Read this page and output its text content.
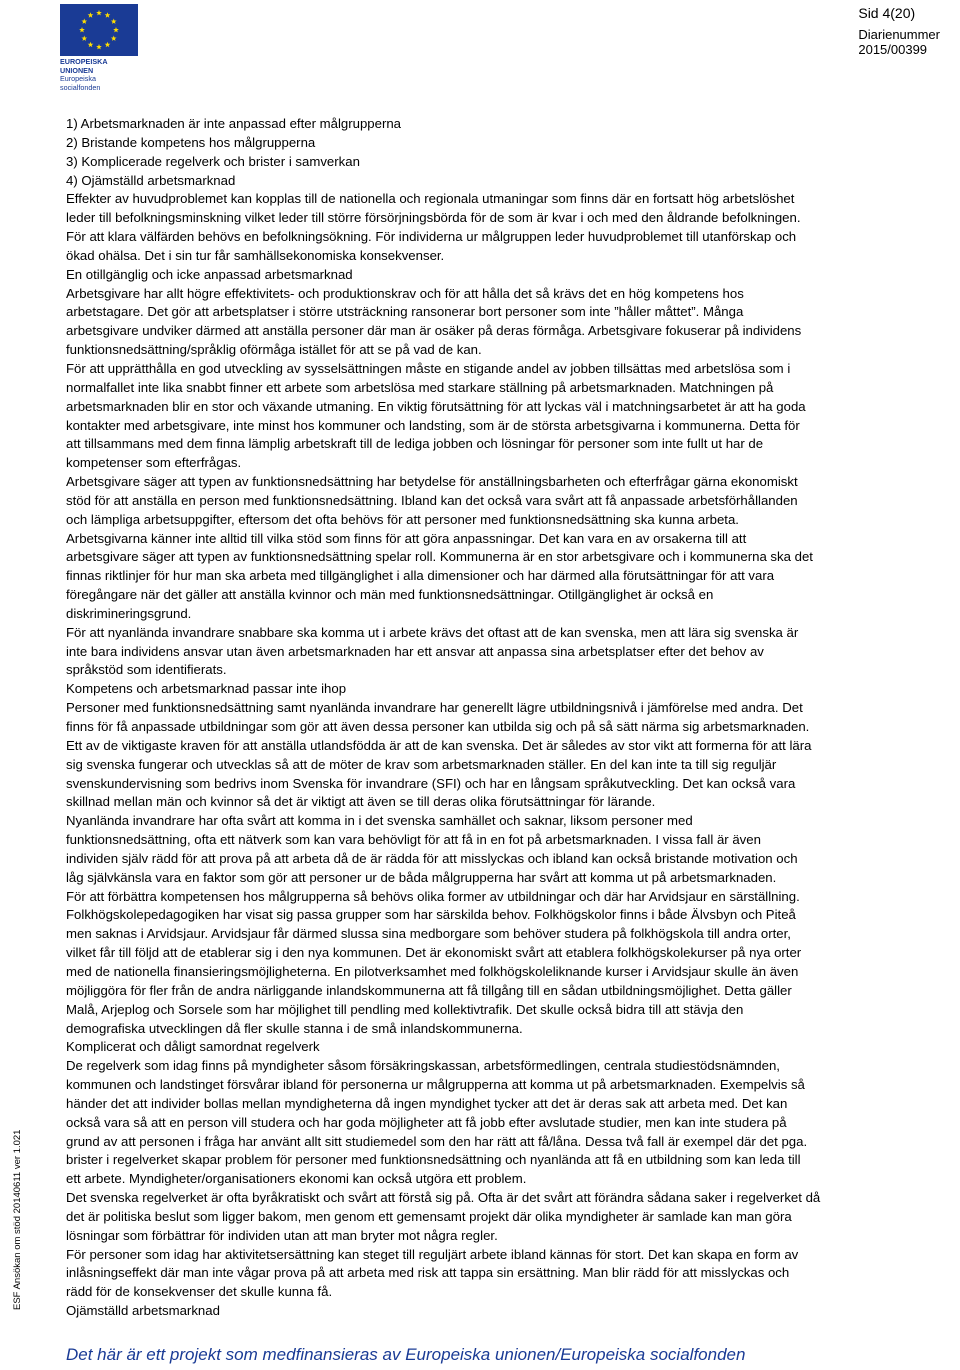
EUROPEISKA UNIONEN
Europeiska socialfonden
Sid 4(20)
Diarienummer
2015/00399
ESF Ansökan om stöd 20140611 ver 1.021

1) Arbetsmarknaden är inte anpassad efter målgrupperna

2) Bristande kompetens hos målgrupperna

3) Komplicerade regelverk och brister i samverkan

4) Ojämställd arbetsmarknad

Effekter av huvudproblemet kan kopplas till de nationella och regionala utmaningar som finns där en fortsatt hög arbetslöshet

leder till befolkningsminskning vilket leder till större försörjningsbörda för de som är kvar i och med den åldrande befolkningen.

För att klara välfärden behövs en befolkningsökning. För individerna ur målgruppen leder huvudproblemet till utanförskap och

ökad ohälsa. Det i sin tur får samhällsekonomiska konsekvenser.

En otillgänglig och icke anpassad arbetsmarknad

Arbetsgivare har allt högre effektivitets- och produktionskrav och för att hålla det så krävs det en hög kompetens hos

arbetstagare. Det gör att arbetsplatser i större utsträckning ransonerar bort personer som inte ”håller måttet”. Många

arbetsgivare undviker därmed att anställa personer där man är osäker på deras förmåga. Arbetsgivare fokuserar på individens

funktionsnedsättning/språklig oförmåga istället för att se på vad de kan.

För att upprätthålla en god utveckling av sysselsättningen måste en stigande andel av jobben tillsättas med arbetslösa som i

normalfallet inte lika snabbt finner ett arbete som arbetslösa med starkare ställning på arbetsmarknaden. Matchningen på

arbetsmarknaden blir en stor och växande utmaning. En viktig förutsättning för att lyckas väl i matchningsarbetet är att ha goda

kontakter med arbetsgivare, inte minst hos kommuner och landsting, som är de största arbetsgivarna i kommunerna. Detta för

att tillsammans med dem finna lämplig arbetskraft till de lediga jobben och lösningar för personer som inte fullt ut har de

kompetenser som efterfrågas.

Arbetsgivare säger att typen av funktionsnedsättning har betydelse för anställningsbarheten och efterfrågar gärna ekonomiskt

stöd för att anställa en person med funktionsnedsättning. Ibland kan det också vara svårt att få anpassade arbetsförhållanden

och lämpliga arbetsuppgifter, eftersom det ofta behövs för att personer med funktionsnedsättning ska kunna arbeta.

Arbetsgivarna känner inte alltid till vilka stöd som finns för att göra anpassningar. Det kan vara en av orsakerna till att

arbetsgivare säger att typen av funktionsnedsättning spelar roll. Kommunerna är en stor arbetsgivare och i kommunerna ska det

finnas riktlinjer för hur man ska arbeta med tillgänglighet i alla dimensioner och har därmed alla förutsättningar för att vara

föregångare när det gäller att anställa kvinnor och män med funktionsnedsättningar. Otillgänglighet är också en

diskrimineringsgrund.

För att nyanlända invandrare snabbare ska komma ut i arbete krävs det oftast att de kan svenska, men att lära sig svenska är

inte bara individens ansvar utan även arbetsmarknaden har ett ansvar att anpassa sina arbetsplatser efter det behov av

språkstöd som identifierats.

Kompetens och arbetsmarknad passar inte ihop

Personer med funktionsnedsättning samt nyanlända invandrare har generellt lägre utbildningsnivå i jämförelse med andra. Det

finns för få anpassade utbildningar som gör att även dessa personer kan utbilda sig och på så sätt närma sig arbetsmarknaden.

Ett av de viktigaste kraven för att anställa utlandsfödda är att de kan svenska. Det är således av stor vikt att formerna för att lära

sig svenska fungerar och utvecklas så att de möter de krav som arbetsmarknaden ställer. En del kan inte ta till sig reguljär

svenskundervisning som bedrivs inom Svenska för invandrare (SFI) och har en långsam språkutveckling. Det kan också vara

skillnad mellan män och kvinnor så det är viktigt att även se till deras olika förutsättningar för lärande.

Nyanlända invandrare har ofta svårt att komma in i det svenska samhället och saknar, liksom personer med

funktionsnedsättning, ofta ett nätverk som kan vara behövligt för att få in en fot på arbetsmarknaden. I vissa fall är även

individen själv rädd för att prova på att arbeta då de är rädda för att misslyckas och ibland kan också bristande motivation och

låg självkänsla vara en faktor som gör att personer ur de båda målgrupperna har svårt att komma ut på arbetsmarknaden.

För att förbättra kompetensen hos målgrupperna så behövs olika former av utbildningar och där har Arvidsjaur en särställning.

Folkhögskolepedagogiken har visat sig passa grupper som har särskilda behov. Folkhögskolor finns i både Älvsbyn och Piteå

men saknas i Arvidsjaur. Arvidsjaur får därmed slussa sina medborgare som behöver studera på folkhögskola till andra orter,

vilket får till följd att de etablerar sig i den nya kommunen. Det är ekonomiskt svårt att etablera folkhögskolekurser på nya orter

med de nationella finansieringsmöjligheterna. En pilotverksamhet med folkhögskoleliknande kurser i Arvidsjaur skulle än även

möjliggöra för fler från de andra närliggande inlandskommunerna att få tillgång till en sådan utbildningsmöjlighet. Detta gäller

Malå, Arjeplog och Sorsele som har möjlighet till pendling med kollektivtrafik. Det skulle också bidra till att stävja den

demografiska utvecklingen då fler skulle stanna i de små inlandskommunerna.

Komplicerat och dåligt samordnat regelverk

De regelverk som idag finns på myndigheter såsom försäkringskassan, arbetsförmedlingen, centrala studiestödsnämnden,

kommunen och landstinget försvårar ibland för personerna ur målgrupperna att komma ut på arbetsmarknaden. Exempelvis så

händer det att individer bollas mellan myndigheterna då ingen myndighet tycker att det är deras sak att arbeta med. Det kan

också vara så att en person vill studera och har goda möjligheter att få jobb efter avslutade studier, men kan inte studera på

grund av att personen i fråga har använt allt sitt studiemedel som den har rätt att få/låna. Dessa två fall är exempel där det pga.

brister i regelverket skapar problem för personer med funktionsnedsättning och nyanlända att få en utbildning som kan leda till

ett arbete. Myndigheter/organisationers ekonomi kan också utgöra ett problem.

Det svenska regelverket är ofta byråkratiskt och svårt att förstå sig på. Ofta är det svårt att förändra sådana saker i regelverket då

det är politiska beslut som ligger bakom, men genom ett gemensamt projekt där olika myndigheter är samlade kan man göra

lösningar som förbättrar för individen utan att man bryter mot några regler.

För personer som idag har aktivitetsersättning kan steget till reguljärt arbete ibland kännas för stort. Det kan skapa en form av

inlåsningseffekt där man inte vågar prova på att arbeta med risk att tappa sin ersättning. Man blir rädd för att misslyckas och

rädd för de konsekvenser det skulle kunna få.

Ojämställd arbetsmarknad

Det här är ett projekt som medfinansieras av Europeiska unionen/Europeiska socialfonden
